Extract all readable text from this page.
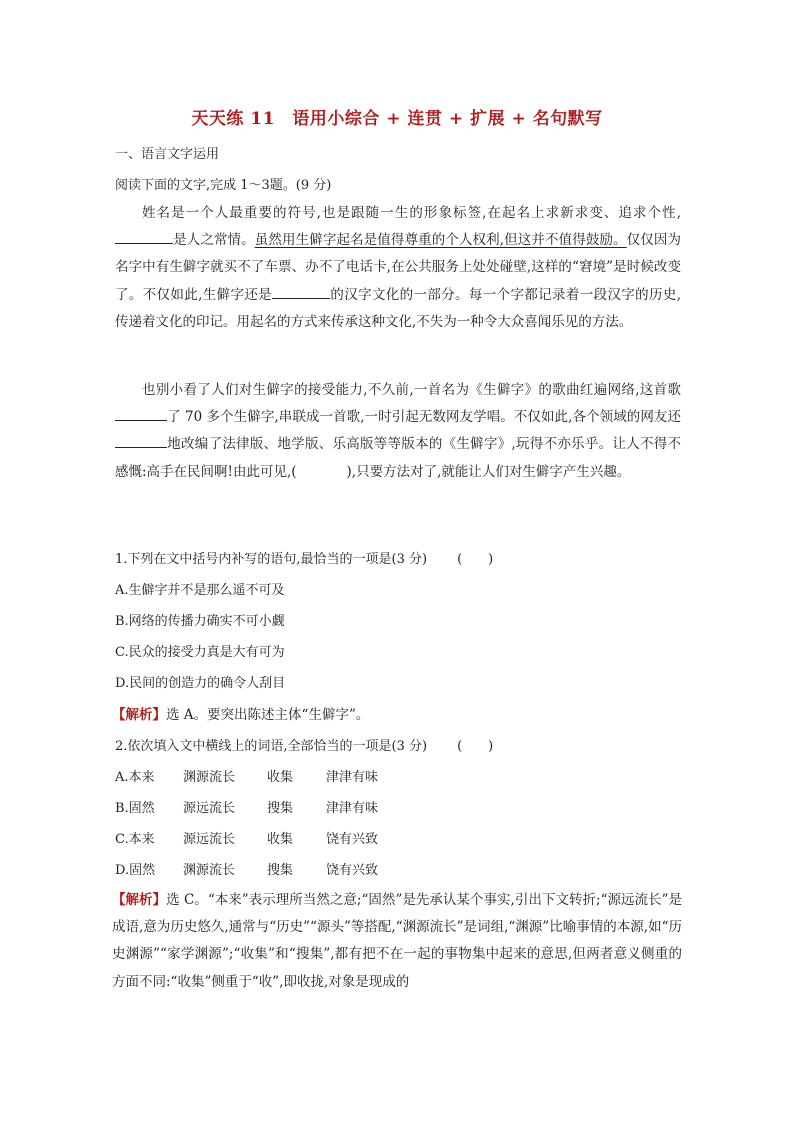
天天练 11　语用小综合 + 连贯 + 扩展 + 名句默写
一、语言文字运用
阅读下面的文字,完成 1～3题。(9 分)
姓名是一个人最重要的符号,也是跟随一生的形象标签,在起名上求新求变、追求个性,是人之常情。虽然用生僻字起名是值得尊重的个人权利,但这并不值得鼓励。仅仅因为名字中有生僻字就买不了车票、办不了电话卡,在公共服务上处处碰壁,这样的“窘境”是时候改变了。不仅如此,生僻字还是	的汉字文化的一部分。每一个字都记录着一段汉字的历史,传递着文化的印记。用起名的方式来传承这种文化,不失为一种令大众喜闻乐见的方法。
也别小看了人们对生僻字的接受能力,不久前,一首名为《生僻字》的歌曲红遍网络,这首歌了 70 多个生僻字,串联成一首歌,一时引起无数网友学唱。不仅如此,各个领域的网友还地改编了法律版、地学版、乐高版等等版本的《生僻字》,玩得不亦乐乎。让人不得不感慨:高手在民间啊!由此可见,(	),只要方法对了,就能让人们对生僻字产生兴趣。
1.下列在文中括号内补写的语句,最恰当的一项是(3 分) (　　)
A.生僻字并不是那么遥不可及
B.网络的传播力确实不可小觑
C.民众的接受力真是大有可为
D.民间的创造力的确令人刮目
【解析】选 A。要突出陈述主体“生僻字”。
2.依次填入文中横线上的词语,全部恰当的一项是(3 分) (　　)
A.本来 渊源流长 收集	津津有味
B.固然 源远流长 搜集	津津有味
C.本来 源远流长 收集	饶有兴致
D.固然 渊源流长 搜集	饶有兴致
【解析】选 C。“本来”表示理所当然之意;“固然”是先承认某个事实,引出下文转折;“源远流长”是成语,意为历史悠久,通常与“历史”“源头”等搭配,“渊源流长”是词组,“渊源”比喻事情的本源,如“历史渊源”“家学渊源”;“收集”和“搜集”,都有把不在一起的事物集中起来的意思,但两者意义侧重的方面不同:“收集”侧重于“收”,即收拢,对象是现成的
